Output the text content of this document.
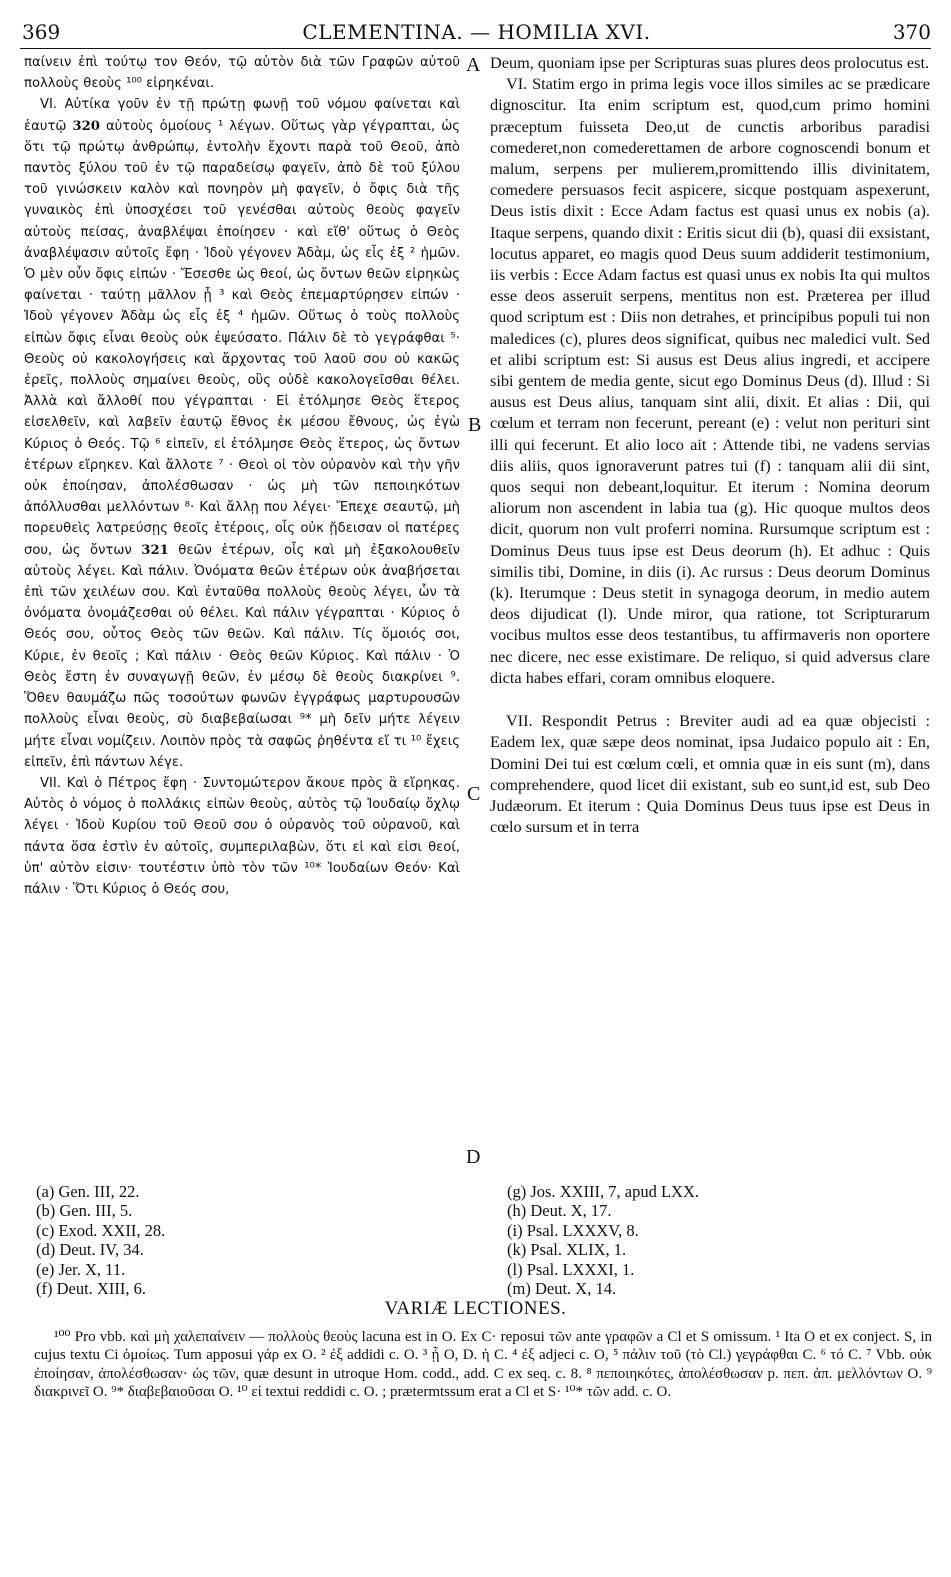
369	CLEMENTINA. — HOMILIA XVI.	370

παίνειν ἐπὶ τούτῳ τον Θεόν, τῷ αὐτὸν διὰ τῶν Γραφῶν αὐτοῦ πολλοὺς θεοὺς ¹⁰⁰ εἰρηκέναι.

VI. Αὐτίκα γοῦν ἐν τῇ πρώτῃ φωνῇ τοῦ νόμου φαίνεται καὶ ἑαυτῷ 320 αὐτοὺς ὁμοίους ¹ λέγων. Οὕτως γὰρ γέγραπται, ὡς ὅτι τῷ πρώτῳ ἀνθρώπῳ, ἐντολὴν ἔχοντι παρὰ τοῦ Θεοῦ, ἀπὸ παντὸς ξύλου τοῦ ἐν τῷ παραδείσῳ φαγεῖν, ἀπὸ δὲ τοῦ ξύλου τοῦ γινώσκειν καλὸν καὶ πονηρὸν μὴ φαγεῖν, ὁ ὄφις διὰ τῆς γυναικὸς ἐπὶ ὑποσχέσει τοῦ γενέσθαι αὐτοὺς θεοὺς φαγεῖν αὐτοὺς πείσας, ἀναβλέψαι ἐποίησεν · καὶ εἴθ' οὕτως ὁ Θεὸς ἀναβλέψασιν αὐτοῖς ἔφη · Ἰδοὺ γέγονεν Ἀδὰμ, ὡς εἷς ἐξ ² ἡμῶν. Ὁ μὲν οὖν ὄφις εἰπών · Ἔσεσθε ὡς θεοί, ὡς ὄντων θεῶν εἰρηκὼς φαίνεται · ταύτῃ μᾶλλον ᾗ ³ καὶ Θεὸς ἐπεμαρτύρησεν εἰπών · Ἰδοὺ γέγονεν Ἀδὰμ ὡς εἷς ἐξ ⁴ ἡμῶν. Οὕτως ὁ τοὺς πολλοὺς εἰπὼν ὄφις εἶναι θεοὺς οὐκ ἐψεύσατο. Πάλιν δὲ τὸ γεγράφθαι ⁵· Θεοὺς οὐ κακολογήσεις καὶ ἄρχοντας τοῦ λαοῦ σου οὐ κακῶς ἐρεῖς, πολλοὺς σημαίνει θεοὺς, οὓς οὐδὲ κακολογεῖσθαι θέλει. Ἀλλὰ καὶ ἄλλοθί που γέγραπται · Εἰ ἐτόλμησε Θεὸς ἕτερος εἰσελθεῖν, καὶ λαβεῖν ἑαυτῷ ἔθνος ἐκ μέσου ἔθνους, ὡς ἐγὼ Κύριος ὁ Θεός. Τῷ ⁶ εἰπεῖν, εἰ ἐτόλμησε Θεὸς ἕτερος, ὡς ὄντων ἑτέρων εἴρηκεν. Καὶ ἄλλοτε ⁷ · Θεοὶ οἱ τὸν οὐρανὸν καὶ τὴν γῆν οὐκ ἐποίησαν, ἀπολέσθωσαν · ὡς μὴ τῶν πεποιηκότων ἀπόλλυσθαι μελλόντων ⁸· Καὶ ἄλλῃ που λέγει· Ἔπεχε σεαυτῷ, μὴ πορευθεὶς λατρεύσῃς θεοῖς ἑτέροις, οἷς οὐκ ᾔδεισαν οἱ πατέρες σου, ὡς ὄντων 321 θεῶν ἑτέρων, οἷς καὶ μὴ ἐξακολουθεῖν αὐτοὺς λέγει. Καὶ πάλιν. Ὀνόματα θεῶν ἑτέρων οὐκ ἀναβήσεται ἐπὶ τῶν χειλέων σου. Καὶ ἐνταῦθα πολλοὺς θεοὺς λέγει, ὧν τὰ ὀνόματα ὀνομάζεσθαι οὐ θέλει. Καὶ πάλιν γέγραπται · Κύριος ὁ Θεός σου, οὗτος Θεὸς τῶν θεῶν. Καὶ πάλιν. Τίς ὅμοιός σοι, Κύριε, ἐν θεοῖς ; Καὶ πάλιν · Θεὸς θεῶν Κύριος. Καὶ πάλιν · Ὁ Θεὸς ἔστη ἐν συναγωγῇ θεῶν, ἐν μέσῳ δὲ θεοὺς διακρίνει ⁹. Ὅθεν θαυμάζω πῶς τοσούτων φωνῶν ἐγγράφως μαρτυρουσῶν πολλοὺς εἶναι θεοὺς, σὺ διαβεβαίωσαι ⁹* μὴ δεῖν μήτε λέγειν μήτε εἶναι νομίζειν. Λοιπὸν πρὸς τὰ σαφῶς ῥηθέντα εἴ τι ¹⁰ ἔχεις εἰπεῖν, ἐπὶ πάντων λέγε.

VII. Καὶ ὁ Πέτρος ἔφη · Συντομώτερον ἄκουε πρὸς ἃ εἴρηκας. Αὐτὸς ὁ νόμος ὁ πολλάκις εἰπὼν θεοὺς, αὐτὸς τῷ Ἰουδαίῳ ὄχλῳ λέγει · Ἰδοὺ Κυρίου τοῦ Θεοῦ σου ὁ οὐρανὸς τοῦ οὐρανοῦ, καὶ πάντα ὅσα ἐστὶν ἐν αὐτοῖς, συμπεριλαβὼν, ὅτι εἰ καὶ εἰσι θεοί, ὑπ' αὐτὸν εἰσιν· τουτέστιν ὑπὸ τὸν τῶν ¹⁰* Ἰουδαίων Θεόν· Καὶ πάλιν · Ὅτι Κύριος ὁ Θεός σου,

Deum, quoniam ipse per Scripturas suas plures deos prolocutus est.

VI. Statim ergo in prima legis voce illos similes ac se prædicare dignoscitur. Ita enim scriptum est, quod,cum primo homini præceptum fuisseta Deo,ut de cunctis arboribus paradisi comederet,non comederettamen de arbore cognoscendi bonum et malum, serpens per mulierem,promittendo illis divinitatem, comedere persuasos fecit aspicere, sicque postquam aspexerunt, Deus istis dixit : Ecce Adam factus est quasi unus ex nobis (a). Itaque serpens, quando dixit : Eritis sicut dii (b), quasi dii exsistant, locutus apparet, eo magis quod Deus suum addiderit testimonium, iis verbis : Ecce Adam factus est quasi unus ex nobis Ita qui multos esse deos asseruit serpens, mentitus non est. Præterea per illud quod scriptum est : Diis non detrahes, et principibus populi tui non maledices (c), plures deos significat, quibus nec maledici vult. Sed et alibi scriptum est: Si ausus est Deus alius ingredi, et accipere sibi gentem de media gente, sicut ego Dominus Deus (d). Illud : Si ausus est Deus alius, tanquam sint alii, dixit. Et alias : Dii, qui cœlum et terram non fecerunt, pereant (e) : velut non perituri sint illi qui fecerunt. Et alio loco ait : Attende tibi, ne vadens servias diis aliis, quos ignoraverunt patres tui (f) : tanquam alii dii sint, quos sequi non debeant,loquitur. Et iterum : Nomina deorum aliorum non ascendent in labia tua (g). Hic quoque multos deos dicit, quorum non vult proferri nomina. Rursumque scriptum est : Dominus Deus tuus ipse est Deus deorum (h). Et adhuc : Quis similis tibi, Domine, in diis (i). Ac rursus : Deus deorum Dominus (k). Iterumque : Deus stetit in synagoga deorum, in medio autem deos dijudicat (l). Unde miror, qua ratione, tot Scripturarum vocibus multos esse deos testantibus, tu affirmaveris non oportere nec dicere, nec esse existimare. De reliquo, si quid adversus clare dicta habes effari, coram omnibus eloquere.

VII. Respondit Petrus : Breviter audi ad ea quæ objecisti : Eadem lex, quæ sæpe deos nominat, ipsa Judaico populo ait : En, Domini Dei tui est cœlum cœli, et omnia quæ in eis sunt (m), dans comprehendere, quod licet dii existant, sub eo sunt,id est, sub Deo Judæorum. Et iterum : Quia Dominus Deus tuus ipse est Deus in cœlo sursum et in terra

A
B
C
D
(a) Gen. III, 22.
(b) Gen. III, 5.
(c) Exod. XXII, 28.
(d) Deut. IV, 34.
(e) Jer. X, 11.
(f) Deut. XIII, 6.
(g) Jos. XXIII, 7, apud LXX.
(h) Deut. X, 17.
(i) Psal. LXXXV, 8.
(k) Psal. XLIX, 1.
(l) Psal. LXXXI, 1.
(m) Deut. X, 14.
VARIÆ LECTIONES.

¹⁰⁰ Pro vbb. καὶ μὴ χαλεπαίνειν — πολλοὺς θεοὺς lacuna est in O. Ex C· reposui τῶν ante γραφῶν a Cl et S omissum. ¹ Ita O et ex conject. S, in cujus textu Ci ὁμοίως. Tum apposui γάρ ex O. ² ἐξ addidi c. O. ³ ᾗ O, D. ἡ C. ⁴ ἐξ adjeci c. O, ⁵ πάλιν τοῦ (τὸ Cl.) γεγράφθαι C. ⁶ τό C. ⁷ Vbb. οὐκ ἐποίησαν, ἀπολέσθωσαν· ὡς τῶν, quæ desunt in utroque Hom. codd., add. C ex seq. c. 8. ⁸ πεποιηκότες, ἀπολέσθωσαν p. πεπ. ἀπ. μελλόντων O. ⁹ διακρινεῖ O. ⁹* διαβεβαιοῦσαι O. ¹⁰ εἰ textui reddidi c. O. ; prætermtssum erat a Cl et S· ¹⁰* τῶν add. c. O.
